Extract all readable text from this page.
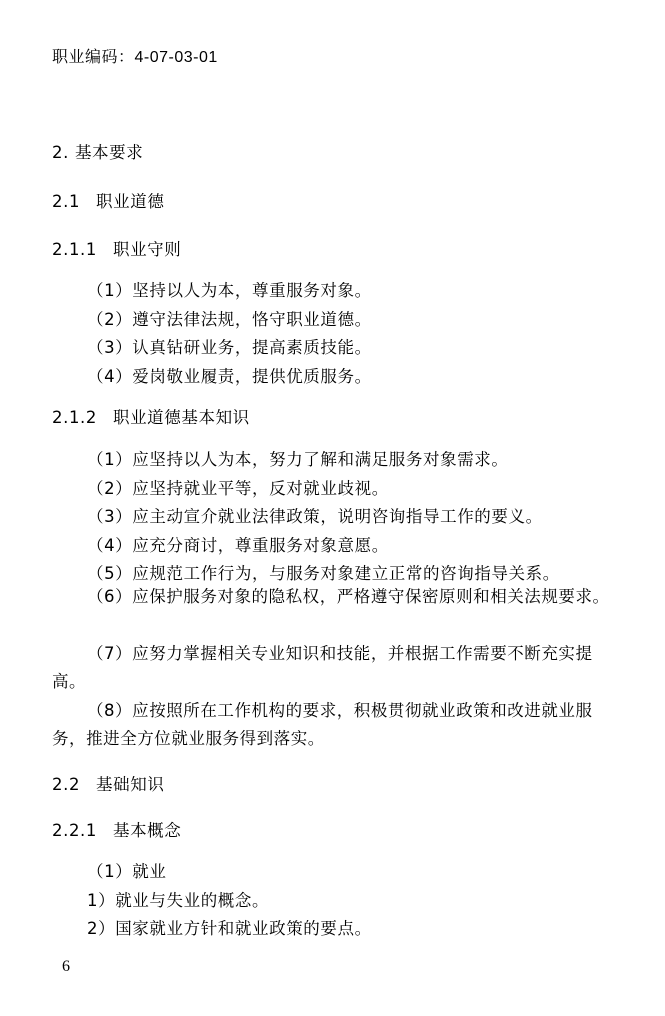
职业编码：4-07-03-01
2. 基本要求
2.1 职业道德
2.1.1 职业守则
（1）坚持以人为本，尊重服务对象。
（2）遵守法律法规，恪守职业道德。
（3）认真钻研业务，提高素质技能。
（4）爱岗敬业履责，提供优质服务。
2.1.2 职业道德基本知识
（1）应坚持以人为本，努力了解和满足服务对象需求。
（2）应坚持就业平等，反对就业歧视。
（3）应主动宣介就业法律政策，说明咨询指导工作的要义。
（4）应充分商讨，尊重服务对象意愿。
（5）应规范工作行为，与服务对象建立正常的咨询指导关系。
（6）应保护服务对象的隐私权，严格遵守保密原则和相关法规要求。
（7）应努力掌握相关专业知识和技能，并根据工作需要不断充实提高。
（8）应按照所在工作机构的要求，积极贯彻就业政策和改进就业服务，推进全方位就业服务得到落实。
2.2 基础知识
2.2.1 基本概念
（1）就业
1）就业与失业的概念。
2）国家就业方针和就业政策的要点。
6
